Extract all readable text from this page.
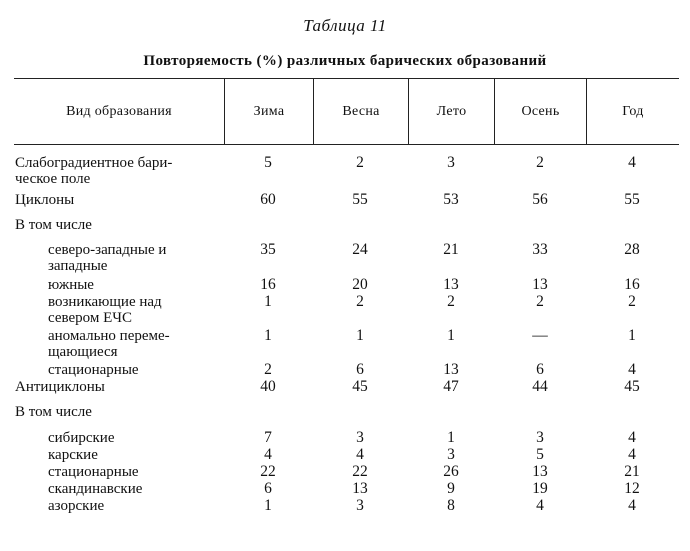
Таблица 11
Повторяемость (%) различных барических образований
Вид образования	Зима	Весна	Лето	Осень	Год
Слабоградиентное бари-
ческое поле
5	2	3	2	4
Циклоны	60	55	53	56	55
В том числе
северо-западные и
западные
35	24	21	33	28
южные	16	20	13	13	16
возникающие над
севером ЕЧС
1	2	2	2	2
аномально переме-
щающиеся
1	1	1	—	1
стационарные	2	6	13	6	4
Антициклоны	40	45	47	44	45
В том числе
сибирские	7	3	1	3	4
карские	4	4	3	5	4
стационарные	22	22	26	13	21
скандинавские	6	13	9	19	12
азорские	1	3	8	4	4
